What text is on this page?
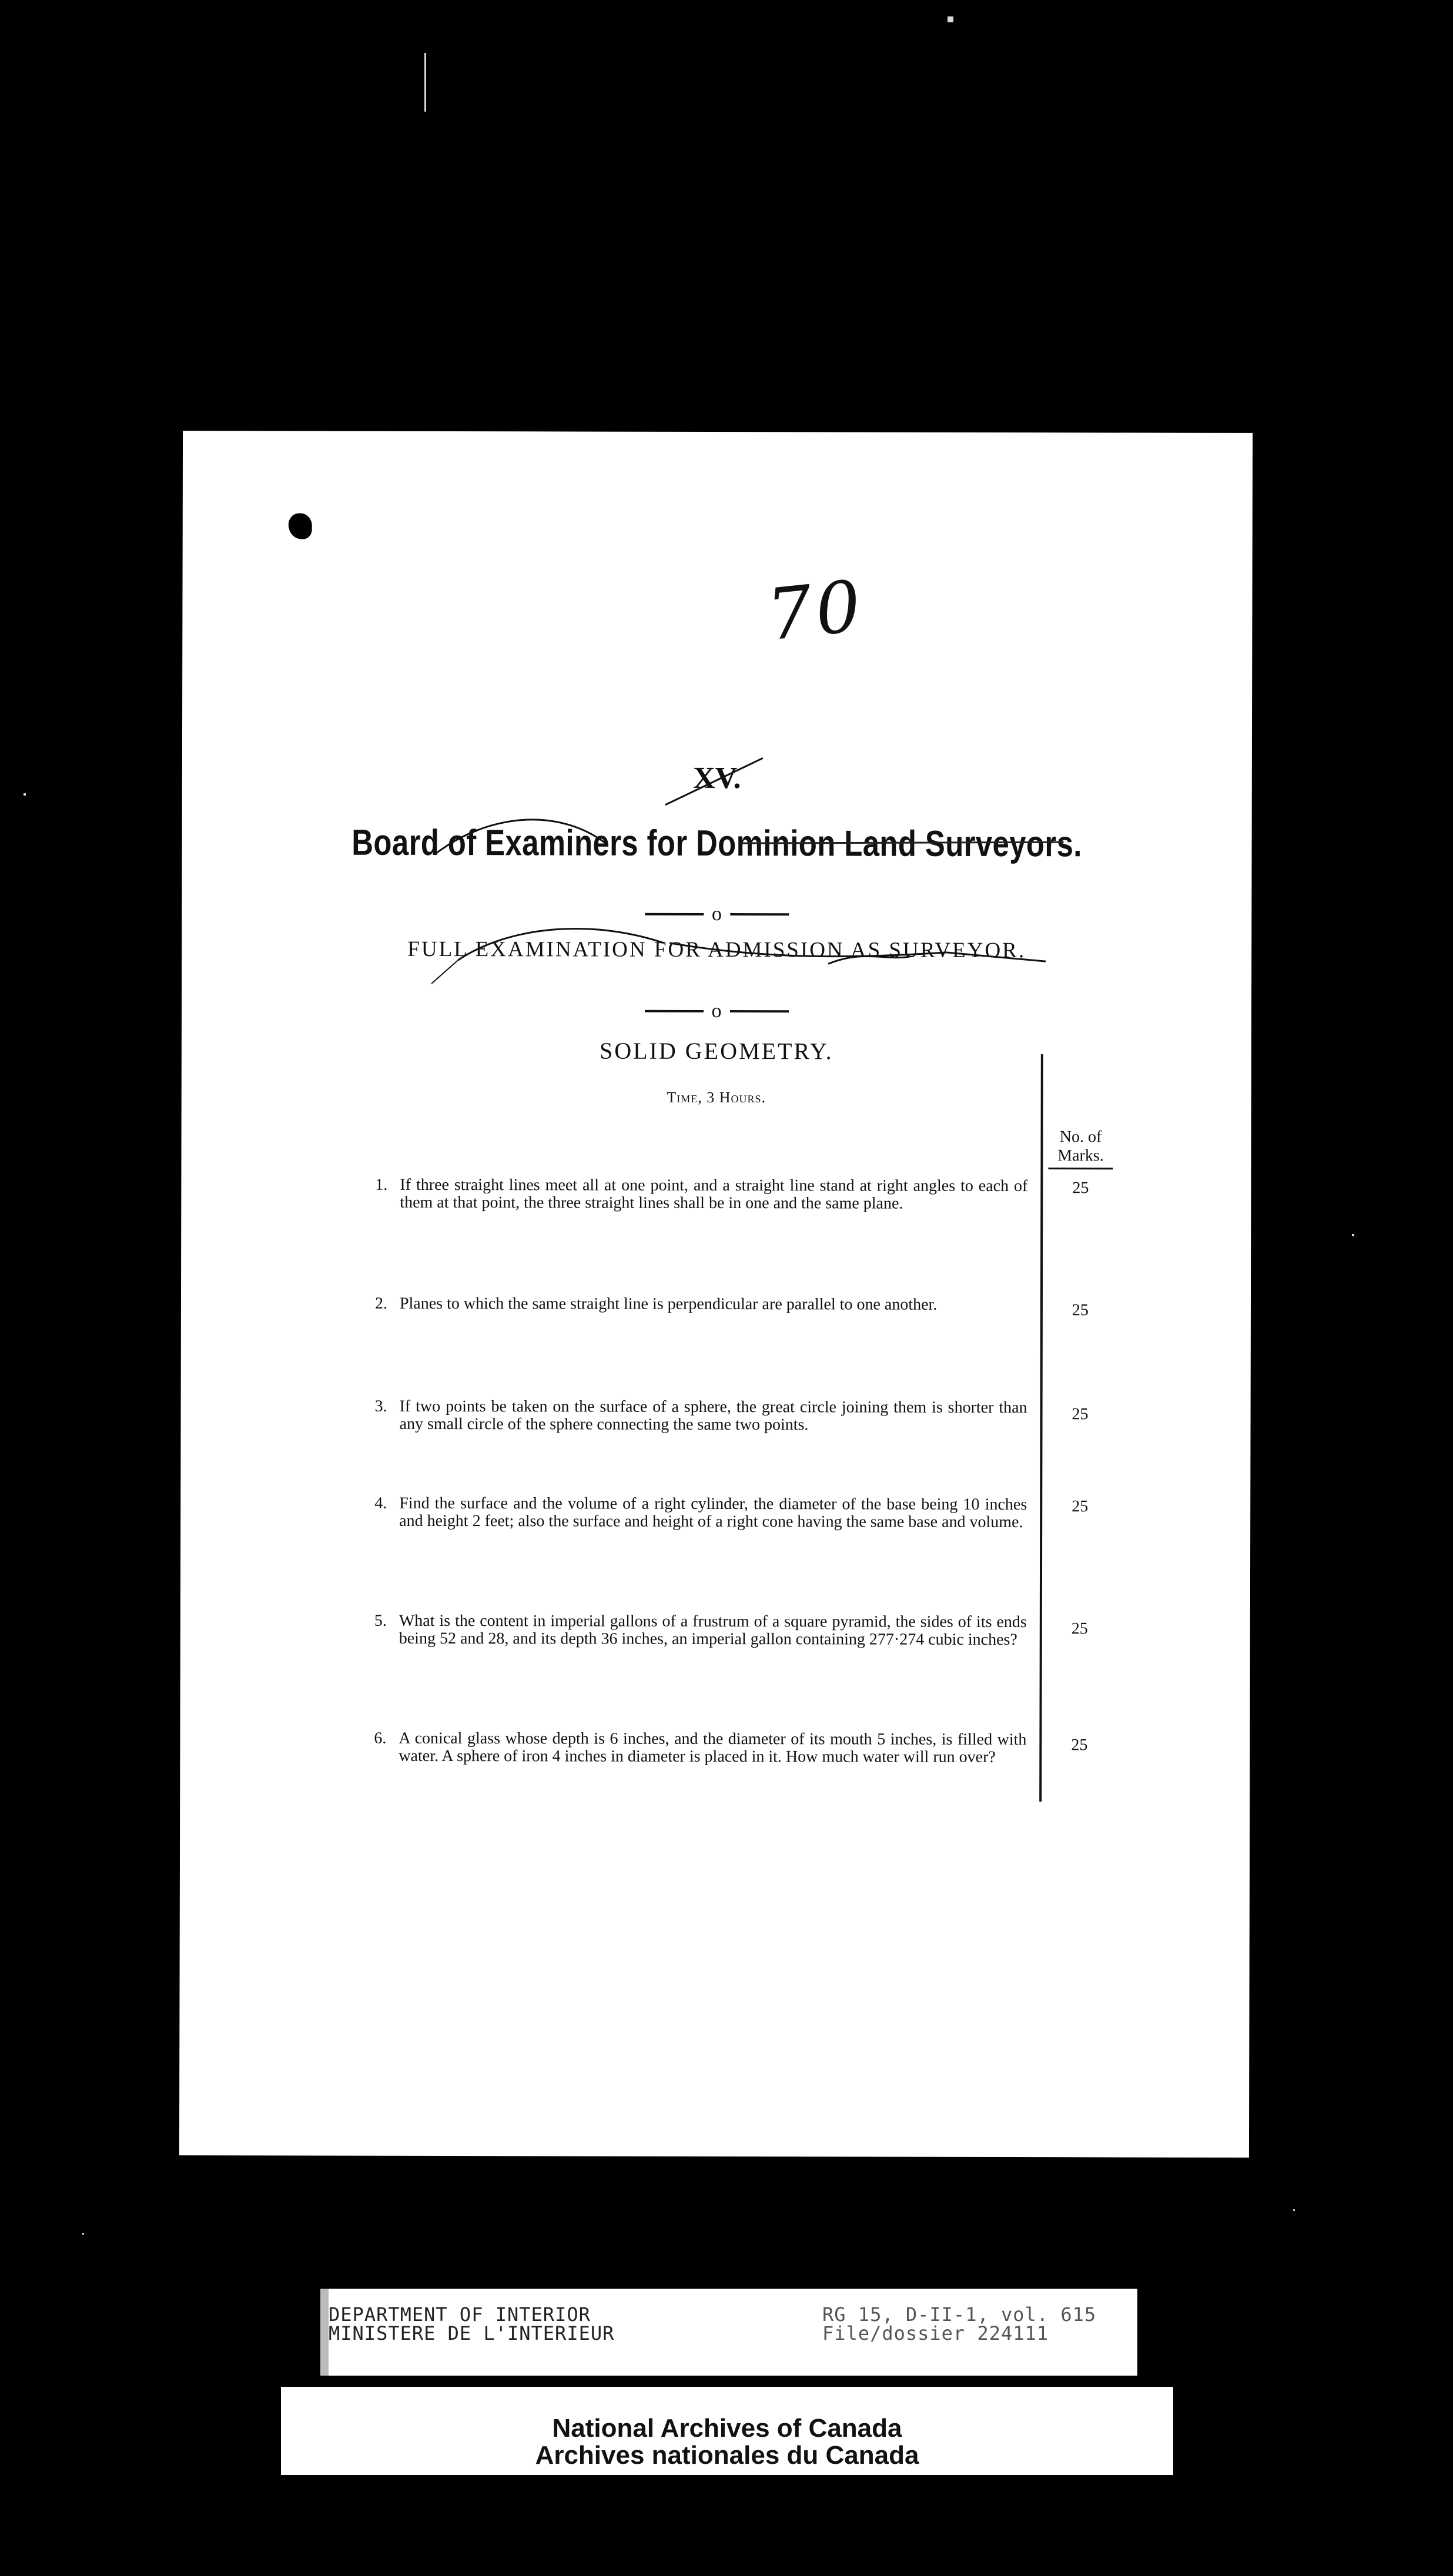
70
XV.
Board of Examiners for Dominion Land Surveyors.
o
FULL EXAMINATION FOR ADMISSION AS SURVEYOR.
o
SOLID GEOMETRY.
Time, 3 Hours.
No. of
Marks.
1. If three straight lines meet all at one point, and a straight line stand at right angles to each of them at that point, the three straight lines shall be in one and the same plane.
25
2. Planes to which the same straight line is perpendicular are parallel to one another.	25
3. If two points be taken on the surface of a sphere, the great circle joining them is shorter than any small circle of the sphere connecting the same two points.
25
4. Find the surface and the volume of a right cylinder, the diameter of the base being 10 inches and height 2 feet; also the surface and height of a right cone having the same base and volume.
25
5. What is the content in imperial gallons of a frustrum of a square pyramid, the sides of its ends being 52 and 28, and its depth 36 inches, an imperial gallon containing 277·274 cubic inches?
25
6. A conical glass whose depth is 6 inches, and the diameter of its mouth 5 inches, is filled with water. A sphere of iron 4 inches in diameter is placed in it. How much water will run over?
25
DEPARTMENT OF INTERIOR
MINISTERE DE L'INTERIEUR
RG 15, D-II-1, vol. 615
File/dossier 224111
National Archives of Canada
Archives nationales du Canada
